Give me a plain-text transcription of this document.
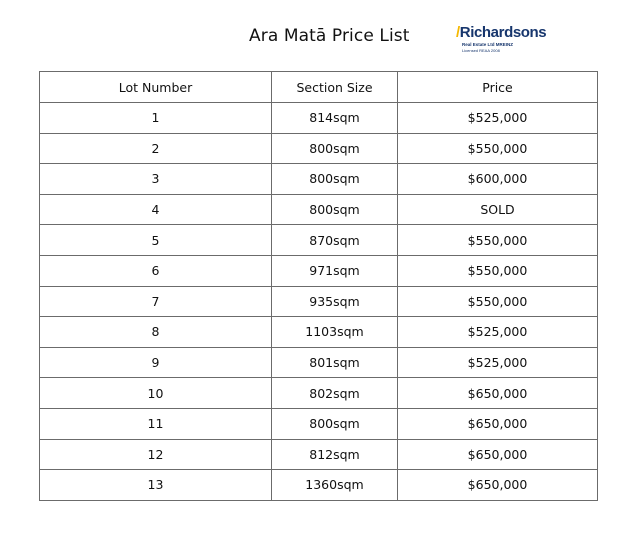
Ara Matā Price List	/Richardsons
Real Estate Ltd MREINZ
Licensed REAA 2008
Lot Number	Section Size	Price
1	814sqm	$525,000
2	800sqm	$550,000
3	800sqm	$600,000
4	800sqm	SOLD
5	870sqm	$550,000
6	971sqm	$550,000
7	935sqm	$550,000
8	1103sqm	$525,000
9	801sqm	$525,000
10	802sqm	$650,000
11	800sqm	$650,000
12	812sqm	$650,000
13	1360sqm	$650,000
